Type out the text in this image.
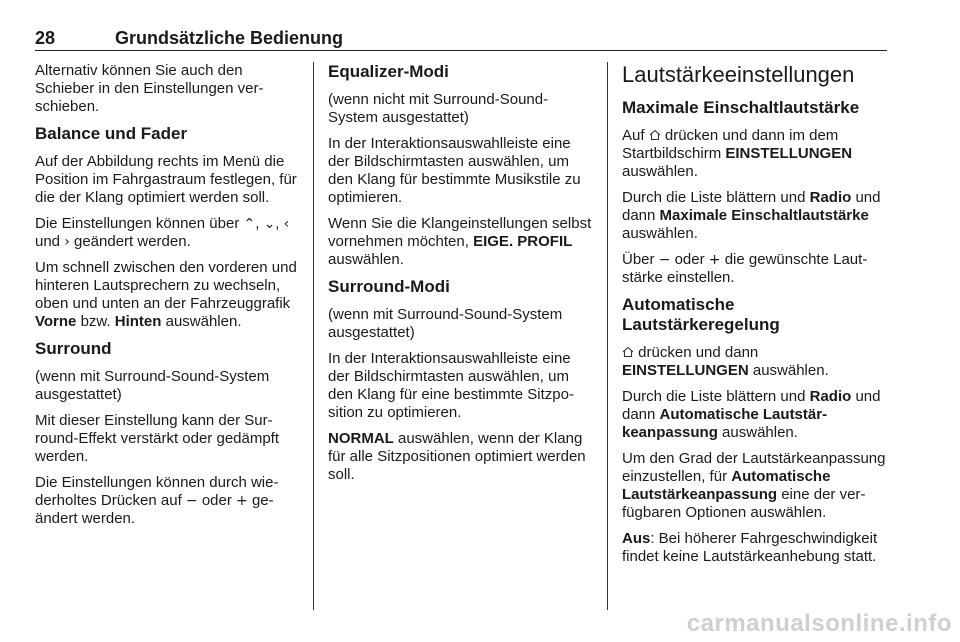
28	Grundsätzliche Bedienung

Alternativ können Sie auch den Schieber in den Einstellungen verschieben.

Balance und Fader

Auf der Abbildung rechts im Menü die Position im Fahrgastraum festlegen, für die der Klang optimiert werden soll.

Die Einstellungen können über ⌃, ⌄, ‹ und › geändert werden.

Um schnell zwischen den vorderen und hinteren Lautsprechern zu wechseln, oben und unten an der Fahrzeuggrafik Vorne bzw. Hinten auswählen.

Surround

(wenn mit Surround-Sound-System ausgestattet)

Mit dieser Einstellung kann der Surround-Effekt verstärkt oder gedämpft werden.

Die Einstellungen können durch wiederholtes Drücken auf − oder + geändert werden.

Equalizer-Modi

(wenn nicht mit Surround-Sound-System ausgestattet)

In der Interaktionsauswahlleiste eine der Bildschirmtasten auswählen, um den Klang für bestimmte Musikstile zu optimieren.

Wenn Sie die Klangeinstellungen selbst vornehmen möchten, EIGE. PROFIL auswählen.

Surround-Modi

(wenn mit Surround-Sound-System ausgestattet)

In der Interaktionsauswahlleiste eine der Bildschirmtasten auswählen, um den Klang für eine bestimmte Sitzposition zu optimieren.

NORMAL auswählen, wenn der Klang für alle Sitzpositionen optimiert werden soll.

Lautstärkeeinstellungen
Maximale Einschaltlautstärke

Auf drücken und dann im dem Startbildschirm EINSTELLUNGEN auswählen.

Durch die Liste blättern und Radio und dann Maximale Einschaltlautstärke auswählen.

Über − oder + die gewünschte Lautstärke einstellen.

Automatische Lautstärkeregelung

drücken und dann EINSTELLUNGEN auswählen.

Durch die Liste blättern und Radio und dann Automatische Lautstärkeanpassung auswählen.

Um den Grad der Lautstärkeanpassung einzustellen, für Automatische Lautstärkeanpassung eine der verfügbaren Optionen auswählen.

Aus: Bei höherer Fahrgeschwindigkeit findet keine Lautstärkeanhebung statt.

carmanualsonline.info
